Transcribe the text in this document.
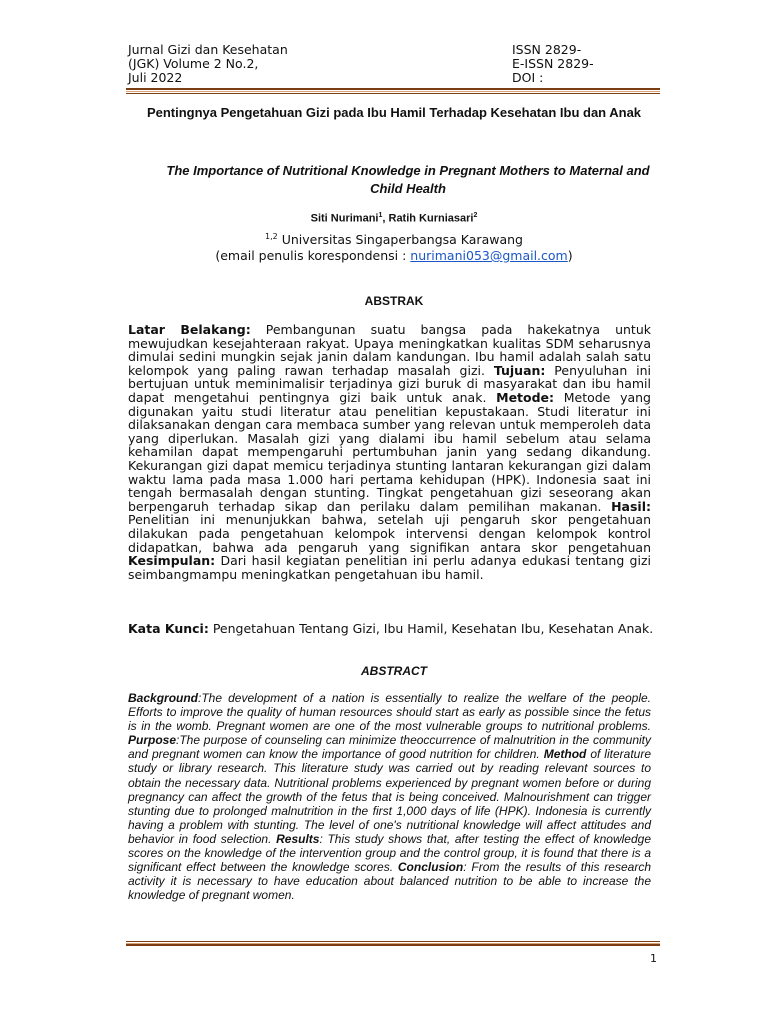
Jurnal Gizi dan Kesehatan
(JGK) Volume 2 No.2,
Juli 2022
ISSN 2829-
E-ISSN 2829-
DOI :
Pentingnya Pengetahuan Gizi pada Ibu Hamil Terhadap Kesehatan Ibu dan Anak
The Importance of Nutritional Knowledge in Pregnant Mothers to Maternal and Child Health
Siti Nurimani$^1$, Ratih Kurniasari$^2$
$^{1,2}$ Universitas Singaperbangsa Karawang
(email penulis korespondensi : nurimani053@gmail.com)
ABSTRAK

Latar Belakang: Pembangunan suatu bangsa pada hakekatnya untuk mewujudkan kesejahteraan rakyat. Upaya meningkatkan kualitas SDM seharusnya dimulai sedini mungkin sejak janin dalam kandungan. Ibu hamil adalah salah satu kelompok yang paling rawan terhadap masalah gizi. Tujuan: Penyuluhan ini bertujuan untuk meminimalisir terjadinya gizi buruk di masyarakat dan ibu hamil dapat mengetahui pentingnya gizi baik untuk anak. Metode: Metode yang digunakan yaitu studi literatur atau penelitian kepustakaan. Studi literatur ini dilaksanakan dengan cara membaca sumber yang relevan untuk memperoleh data yang diperlukan. Masalah gizi yang dialami ibu hamil sebelum atau selama kehamilan dapat mempengaruhi pertumbuhan janin yang sedang dikandung. Kekurangan gizi dapat memicu terjadinya stunting lantaran kekurangan gizi dalam waktu lama pada masa 1.000 hari pertama kehidupan (HPK). Indonesia saat ini tengah bermasalah dengan stunting. Tingkat pengetahuan gizi seseorang akan berpengaruh terhadap sikap dan perilaku dalam pemilihan makanan. Hasil: Penelitian ini menunjukkan bahwa, setelah uji pengaruh skor pengetahuan dilakukan pada pengetahuan kelompok intervensi dengan kelompok kontrol didapatkan, bahwa ada pengaruh yang signifikan antara skor pengetahuan Kesimpulan: Dari hasil kegiatan penelitian ini perlu adanya edukasi tentang gizi seimbangmampu meningkatkan pengetahuan ibu hamil.

Kata Kunci: Pengetahuan Tentang Gizi, Ibu Hamil, Kesehatan Ibu, Kesehatan Anak.

ABSTRACT

Background:The development of a nation is essentially to realize the welfare of the people. Efforts to improve the quality of human resources should start as early as possible since the fetus is in the womb. Pregnant women are one of the most vulnerable groups to nutritional problems. Purpose:The purpose of counseling can minimize theoccurrence of malnutrition in the community and pregnant women can know the importance of good nutrition for children. Method of literature study or library research. This literature study was carried out by reading relevant sources to obtain the necessary data. Nutritional problems experienced by pregnant women before or during pregnancy can affect the growth of the fetus that is being conceived. Malnourishment can trigger stunting due to prolonged malnutrition in the first 1,000 days of life (HPK). Indonesia is currently having a problem with stunting. The level of one's nutritional knowledge will affect attitudes and behavior in food selection. Results: This study shows that, after testing the effect of knowledge scores on the knowledge of the intervention group and the control group, it is found that there is a significant effect between the knowledge scores. Conclusion: From the results of this research activity it is necessary to have education about balanced nutrition to be able to increase the knowledge of pregnant women.

1
